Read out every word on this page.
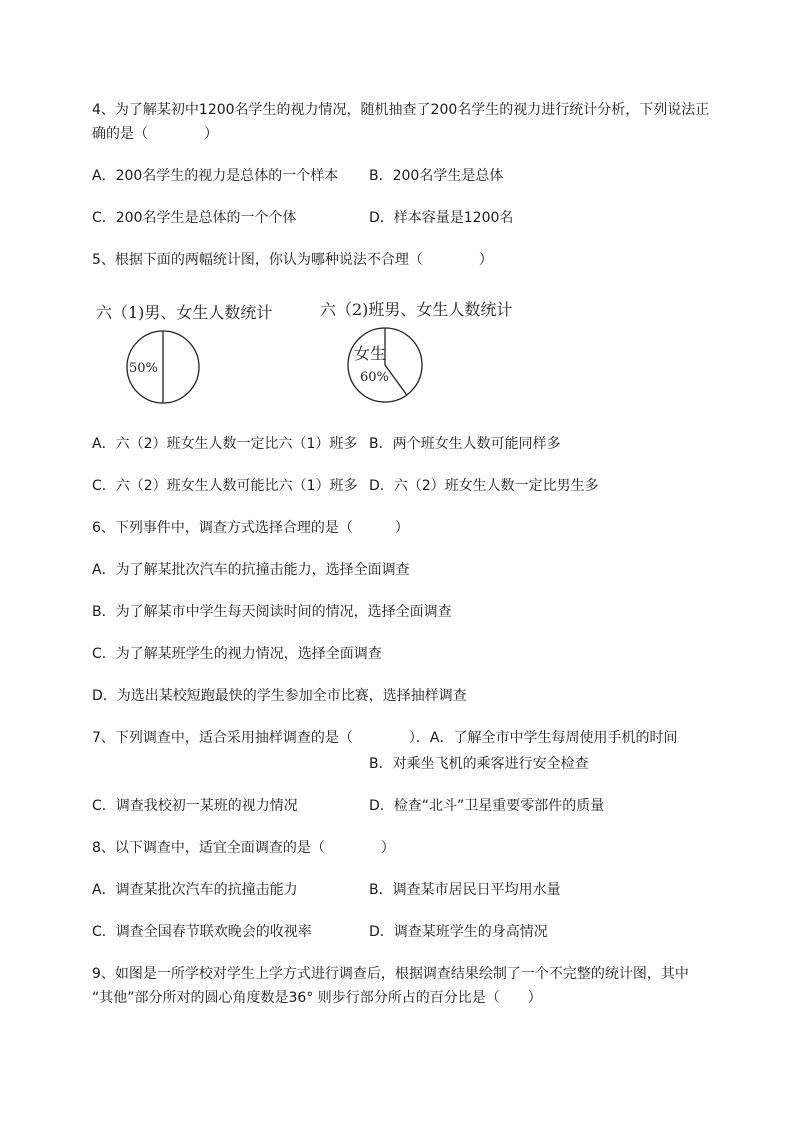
4、为了解某初中1200名学生的视力情况，随机抽查了200名学生的视力进行统计分析，下列说法正
确的是（　　　　）
A．200名学生的视力是总体的一个样本 B．200名学生是总体
C．200名学生是总体的一个个体	D．样本容量是1200名
5、根据下面的两幅统计图，你认为哪种说法不合理（　　　　）
六（1)男、女生人数统计
50%
六（2)班男、女生人数统计
女生
60%
A．六（2）班女生人数一定比六（1）班多 B．两个班女生人数可能同样多
C．六（2）班女生人数可能比六（1）班多 D．六（2）班女生人数一定比男生多
6、下列事件中，调查方式选择合理的是（　　　）
A．为了解某批次汽车的抗撞击能力，选择全面调查
B．为了解某市中学生每天阅读时间的情况，选择全面调查
C．为了解某班学生的视力情况，选择全面调查
D．为选出某校短跑最快的学生参加全市比赛，选择抽样调查
7、下列调查中，适合采用抽样调查的是（　　　　）．A．了解全市中学生每周使用手机的时间
B．对乘坐飞机的乘客进行安全检查
C．调查我校初一某班的视力情况	D．检查“北斗”卫星重要零部件的质量
8、以下调查中，适宜全面调查的是（　　　　）
A．调查某批次汽车的抗撞击能力	B．调查某市居民日平均用水量
C．调查全国春节联欢晚会的收视率	D．调查某班学生的身高情况
9、如图是一所学校对学生上学方式进行调查后，根据调查结果绘制了一个不完整的统计图，其中
“其他”部分所对的圆心角度数是36° 则步行部分所占的百分比是（　　）
